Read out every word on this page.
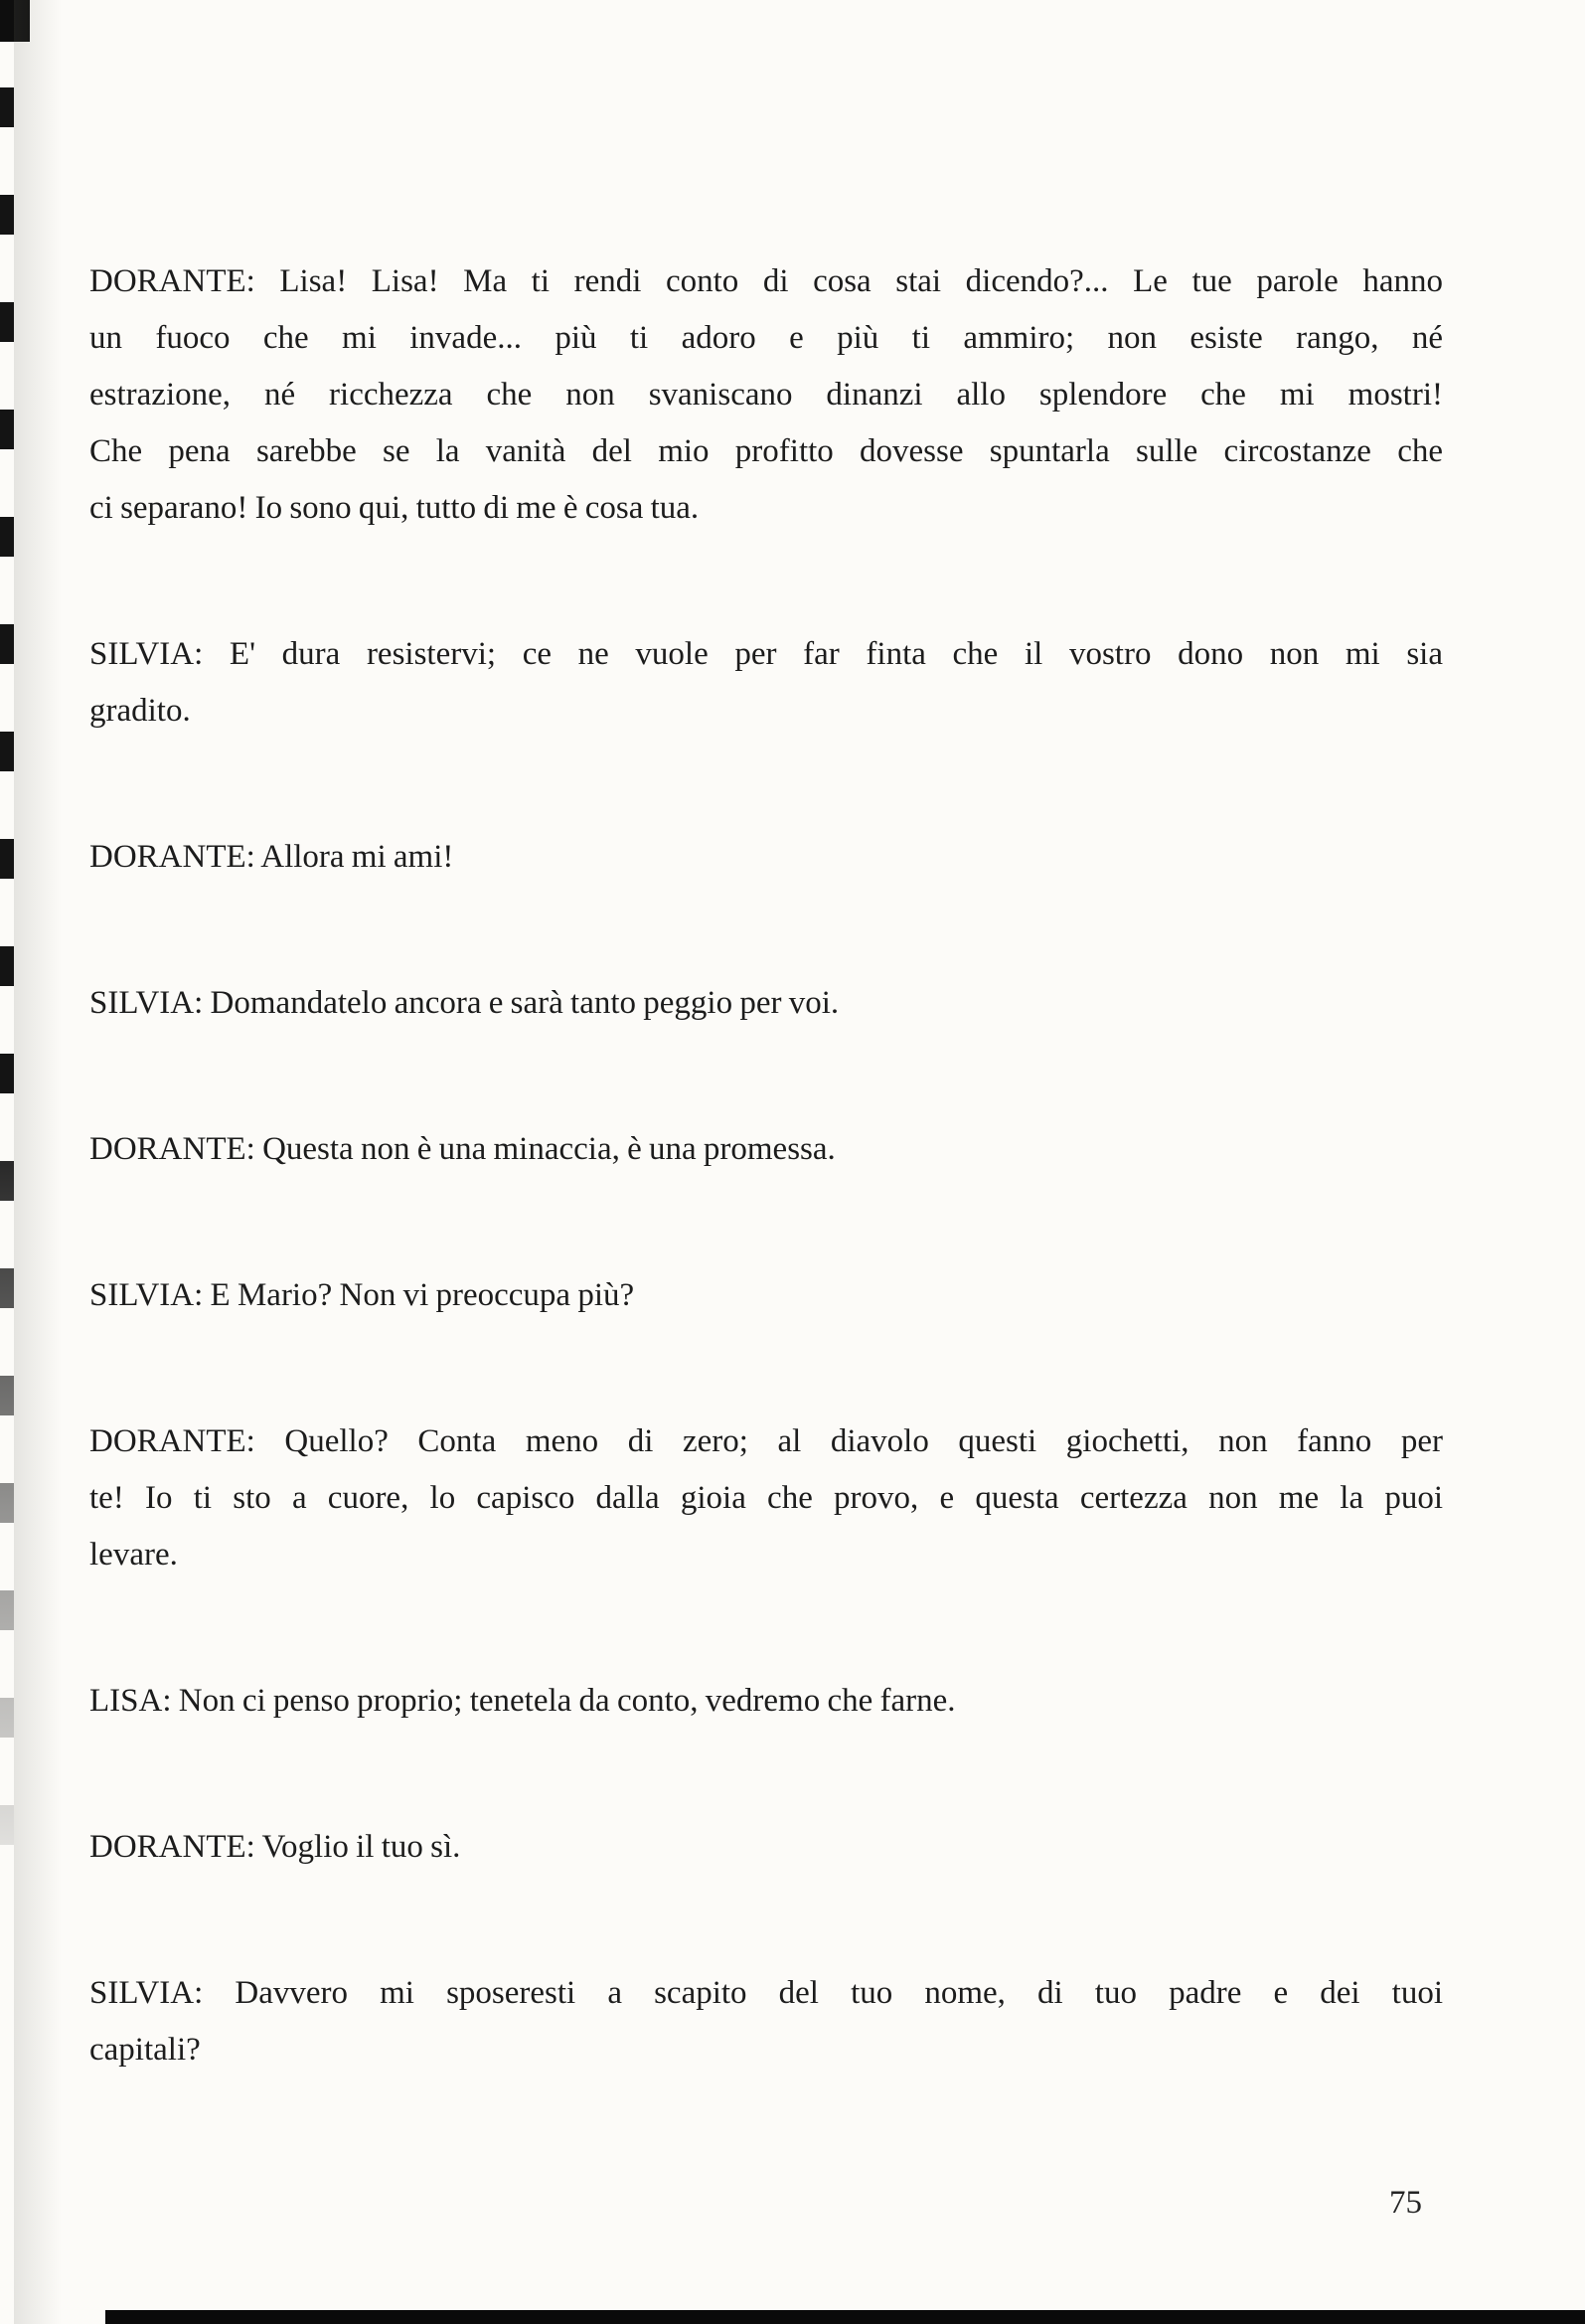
DORANTE: Lisa! Lisa! Ma ti rendi conto di cosa stai dicendo?... Le tue parole hanno
un fuoco che mi invade... più ti adoro e più ti ammiro; non esiste rango, né
estrazione, né ricchezza che non svaniscano dinanzi allo splendore che mi mostri!
Che pena sarebbe se la vanità del mio profitto dovesse spuntarla sulle circostanze che
ci separano! Io sono qui, tutto di me è cosa tua.

SILVIA: E' dura resistervi; ce ne vuole per far finta che il vostro dono non mi sia
gradito.

DORANTE: Allora mi ami!

SILVIA: Domandatelo ancora e sarà tanto peggio per voi.

DORANTE: Questa non è una minaccia, è una promessa.

SILVIA: E Mario? Non vi preoccupa più?

DORANTE: Quello? Conta meno di zero; al diavolo questi giochetti, non fanno per
te! Io ti sto a cuore, lo capisco dalla gioia che provo, e questa certezza non me la puoi
levare.

LISA: Non ci penso proprio; tenetela da conto, vedremo che farne.

DORANTE: Voglio il tuo sì.

SILVIA: Davvero mi sposeresti a scapito del tuo nome, di tuo padre e dei tuoi
capitali?

75
